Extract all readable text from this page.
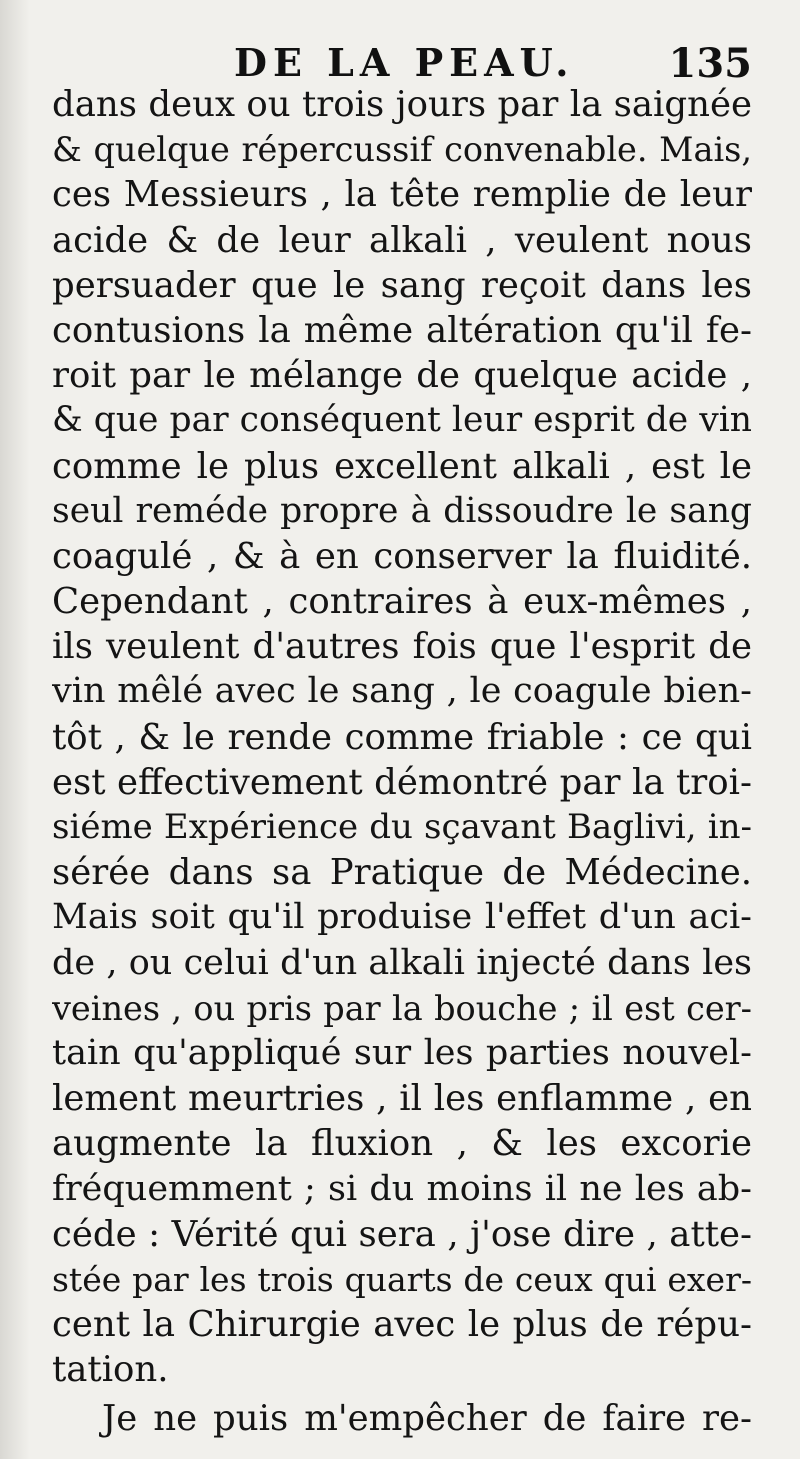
DE LA PEAU. 135
dans deux ou trois jours par la saignée
& quelque répercussif convenable. Mais,
ces Messieurs , la tête remplie de leur
acide & de leur alkali , veulent nous
persuader que le sang reçoit dans les
contusions la même altération qu'il fe-
roit par le mélange de quelque acide ,
& que par conséquent leur esprit de vin
comme le plus excellent alkali , est le
seul reméde propre à dissoudre le sang
coagulé , & à en conserver la fluidité.
Cependant , contraires à eux-mêmes ,
ils veulent d'autres fois que l'esprit de
vin mêlé avec le sang , le coagule bien-
tôt , & le rende comme friable : ce qui
est effectivement démontré par la troi-
siéme Expérience du sçavant Baglivi, in-
sérée dans sa Pratique de Médecine.
Mais soit qu'il produise l'effet d'un aci-
de , ou celui d'un alkali injecté dans les
veines , ou pris par la bouche ; il est cer-
tain qu'appliqué sur les parties nouvel-
lement meurtries , il les enflamme , en
augmente la fluxion , & les excorie
fréquemment ; si du moins il ne les ab-
céde : Vérité qui sera , j'ose dire , atte-
stée par les trois quarts de ceux qui exer-
cent la Chirurgie avec le plus de répu-
tation.
Je ne puis m'empêcher de faire re-
